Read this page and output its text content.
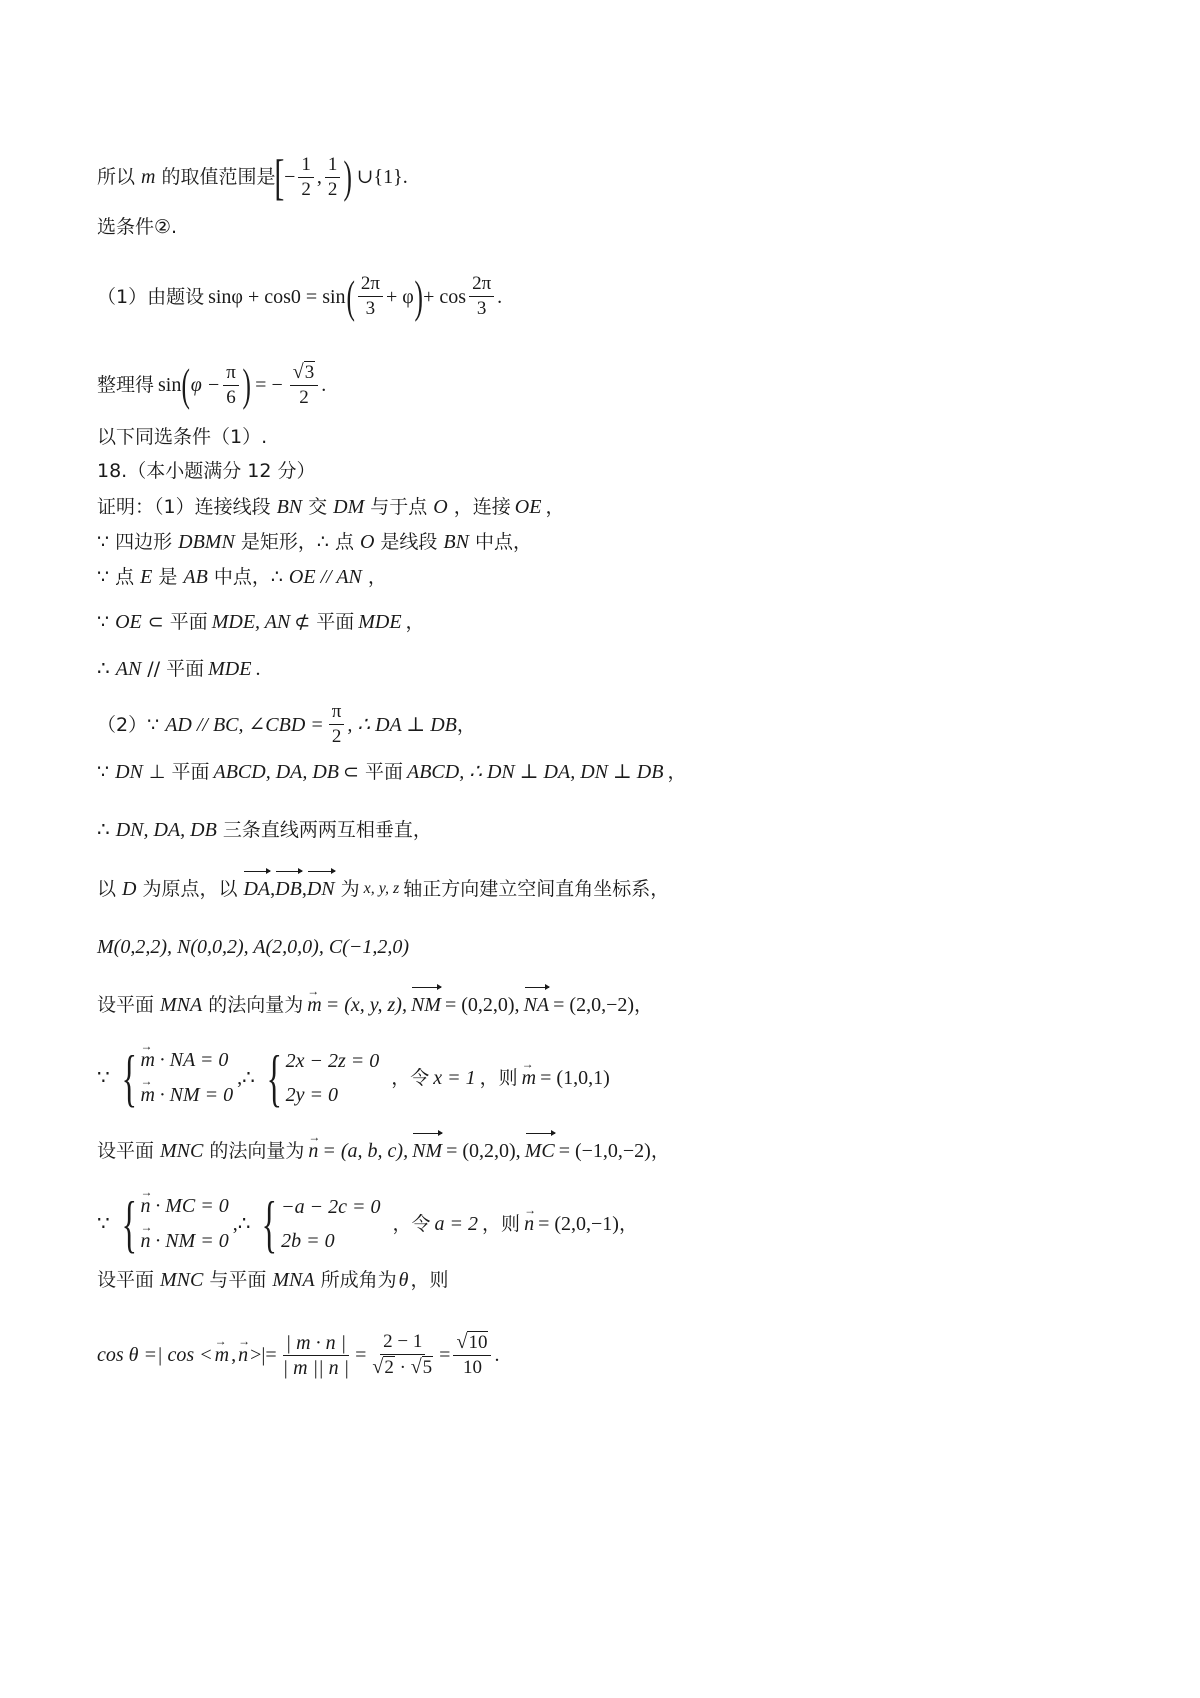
所以 m 的取值范围是 [ − $\frac{1}{2}$ , $\frac{1}{2}$ ) ∪{1}.
选条件②.
（1）由题设 sinφ + cos0 = sin ( $\frac{2\pi}{3} + \varphi$ ) + $\cos \frac{2\pi}{3}$ .
整理得 sin ( $\varphi - \frac{\pi}{6}$ ) = − $\frac{√ 3}{2}$ .
以下同选条件（1）.
18.（本小题满分 12 分）
证明：（1）连接线段 BN 交 DM 与于点 O ，连接 OE ，
∵ 四边形 DBMN 是矩形，∴ 点 O 是线段 BN 中点，
∵ 点 E 是 AB 中点，∴ OE // AN ，
∵ OE ⊂ 平面 MDE, AN ⊄ 平面 MDE ，
∴ AN // 平面 MDE .
（2）∵ AD // BC, ∠CBD = $\frac{\pi}{2}$ , ∴ DA ⊥ DB ，
∵ DN ⊥ 平面 ABCD, DA, DB ⊂ 平面 ABCD, ∴ DN ⊥ DA, DN ⊥ DB ，
∴ DN, DA, DB 三条直线两两互相垂直，
以 D 为原点，以 DA , DB , DN 为 x, y, z 轴正方向建立空间直角坐标系，
M(0,2,2), N(0,0,2), A(2,0,0), C(−1,2,0)
设平面 MNA 的法向量为 → m = (x, y, z), NM = (0,2,0), NA = (2,0,−2) ，
∵ { → m · NA = 0
→ m · NM = 0
,∴ { 2x − 2z = 0
2y = 0
，令 x = 1 ，则 → m = (1,0,1)
设平面 MNC 的法向量为 → n = (a, b, c), NM = (0,2,0), MC = (−1,0,−2) ，
∵ { → n · MC = 0
→ n · NM = 0
,∴ { −a − 2c = 0
2b = 0
，令 a = 2 ，则 → n = (2,0,−1) ，
设平面 MNC 与平面 MNA 所成角为 θ ，则
cos θ =| cos < → m , → n >|= $\frac{| m \cdot n |}{| m || n |} = \frac{2 - 1}{√ 2 \cdot √ 5} = \frac{√ 10}{10}$ .
